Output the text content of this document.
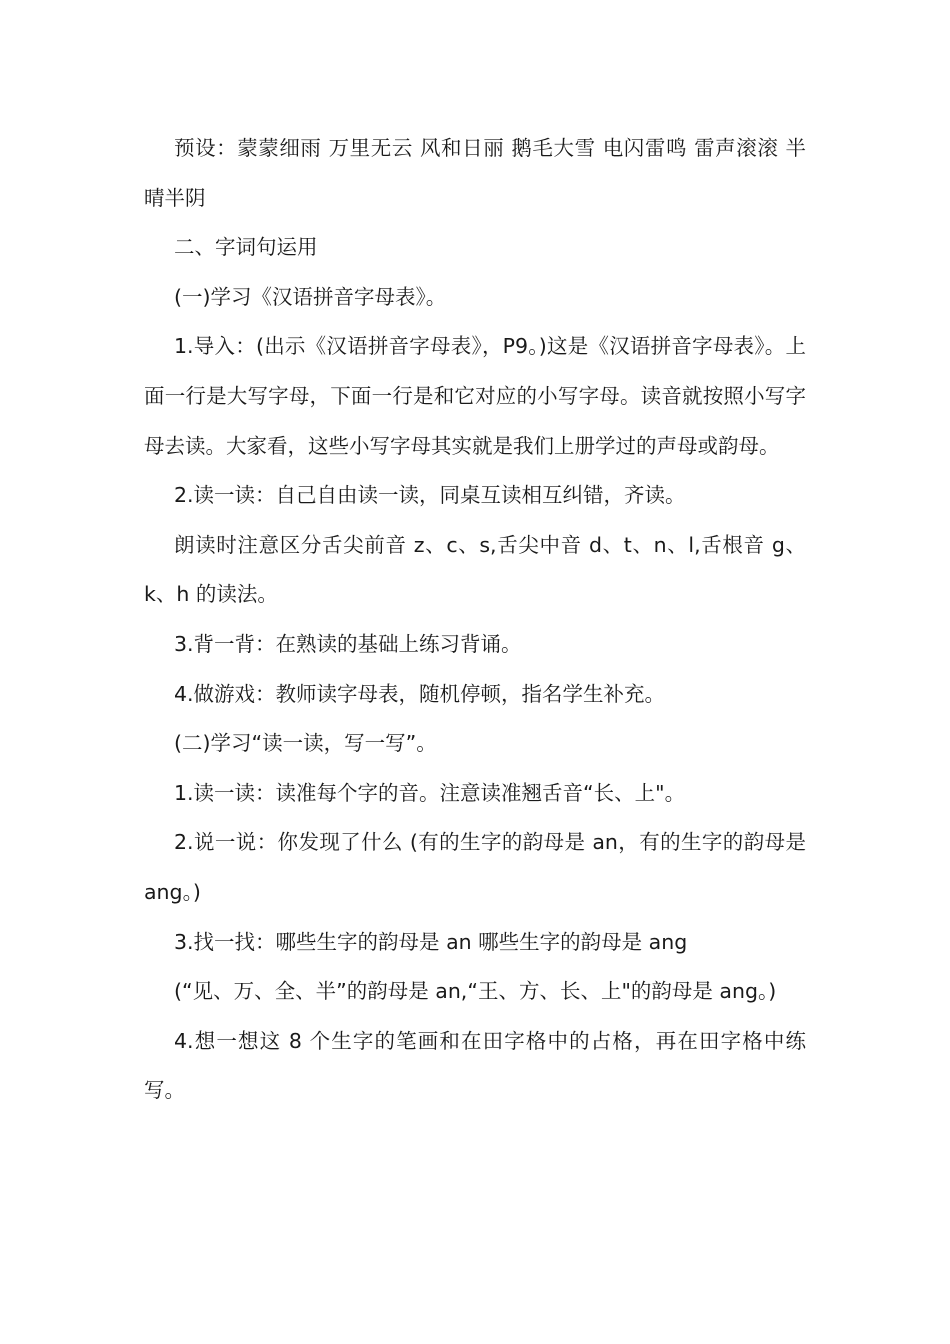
预设：蒙蒙细雨 万里无云 风和日丽 鹅毛大雪 电闪雷鸣 雷声滚滚 半晴半阴

二、字词句运用

(一)学习《汉语拼音字母表》。

1.导入：(出示《汉语拼音字母表》，P9。)这是《汉语拼音字母表》。上面一行是大写字母，下面一行是和它对应的小写字母。读音就按照小写字母去读。大家看，这些小写字母其实就是我们上册学过的声母或韵母。

2.读一读：自己自由读一读，同桌互读相互纠错，齐读。

朗读时注意区分舌尖前音 z、c、s,舌尖中音 d、t、n、l,舌根音 g、k、h 的读法。

3.背一背：在熟读的基础上练习背诵。

4.做游戏：教师读字母表，随机停顿，指名学生补充。

(二)学习“读一读，写一写”。

1.读一读：读准每个字的音。注意读准翘舌音“长、上"。

2.说一说：你发现了什么 (有的生字的韵母是 an，有的生字的韵母是 ang。)

3.找一找：哪些生字的韵母是 an 哪些生字的韵母是 ang

(“见、万、全、半”的韵母是 an,“王、方、长、上"的韵母是 ang。)

4.想一想这 8 个生字的笔画和在田字格中的占格，再在田字格中练写。
